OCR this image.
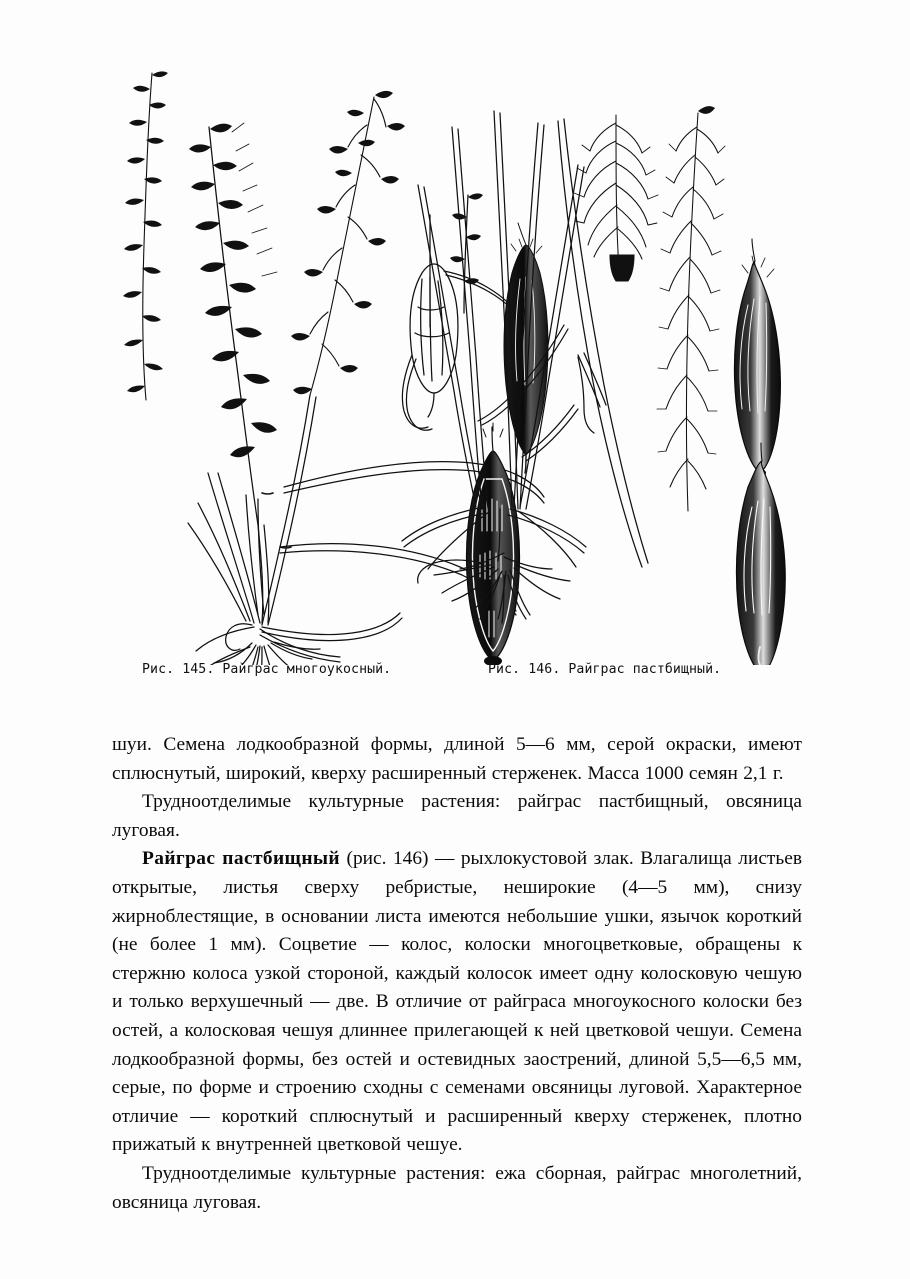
Рис. 145. Райграс многоукосный.	Рис. 146. Райграс пастбищный.

шуи. Семена лодкообразной формы, длиной 5—6 мм, серой окраски, имеют сплюснутый, широкий, кверху расширенный стерженек. Масса 1000 семян 2,1 г.

Трудноотделимые культурные растения: райграс пастбищный, овсяница луговая.

Райграс пастбищный (рис. 146) — рыхлокустовой злак. Влагалища листьев открытые, листья сверху ребристые, неширокие (4—5 мм), снизу жирноблестящие, в основании листа имеются небольшие ушки, язычок короткий (не более 1 мм). Соцветие — колос, колоски многоцветковые, обращены к стержню колоса узкой стороной, каждый колосок имеет одну колосковую чешую и только верхушечный — две. В отличие от райграса многоукосного колоски без остей, а колосковая чешуя длиннее прилегающей к ней цветковой чешуи. Семена лодкообразной формы, без остей и остевидных заострений, длиной 5,5—6,5 мм, серые, по форме и строению сходны с семенами овсяницы луговой. Характерное отличие — короткий сплюснутый и расширенный кверху стерженек, плотно прижатый к внутренней цветковой чешуе.

Трудноотделимые культурные растения: ежа сборная, райграс многолетний, овсяница луговая.
